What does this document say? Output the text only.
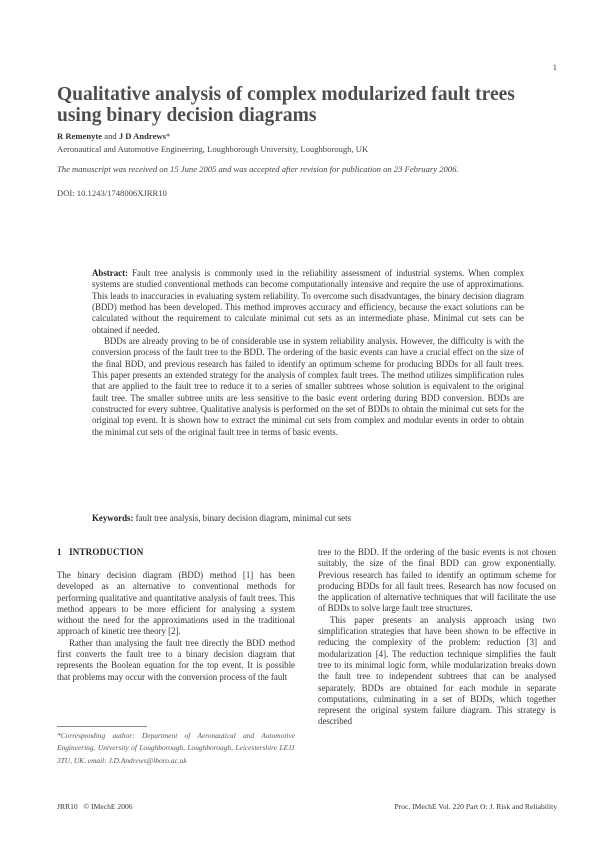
1
Qualitative analysis of complex modularized fault trees using binary decision diagrams
R Remenyte and J D Andrews*
Aeronautical and Automotive Engineering, Loughborough University, Loughborough, UK
The manuscript was received on 15 June 2005 and was accepted after revision for publication on 23 February 2006.
DOI: 10.1243/1748006XJRR10

Abstract: Fault tree analysis is commonly used in the reliability assessment of industrial systems. When complex systems are studied conventional methods can become computationally intensive and require the use of approximations. This leads to inaccuracies in evaluating system reliability. To overcome such disadvantages, the binary decision diagram (BDD) method has been developed. This method improves accuracy and efficiency, because the exact solutions can be calculated without the requirement to calculate minimal cut sets as an intermediate phase. Minimal cut sets can be obtained if needed.

BDDs are already proving to be of considerable use in system reliability analysis. However, the difficulty is with the conversion process of the fault tree to the BDD. The ordering of the basic events can have a crucial effect on the size of the final BDD, and previous research has failed to identify an optimum scheme for producing BDDs for all fault trees. This paper presents an extended strategy for the analysis of complex fault trees. The method utilizes simplification rules that are applied to the fault tree to reduce it to a series of smaller subtrees whose solution is equivalent to the original fault tree. The smaller subtree units are less sensitive to the basic event ordering during BDD conversion. BDDs are constructed for every subtree. Qualitative analysis is performed on the set of BDDs to obtain the minimal cut sets for the original top event. It is shown how to extract the minimal cut sets from complex and modular events in order to obtain the minimal cut sets of the original fault tree in terms of basic events.

Keywords: fault tree analysis, binary decision diagram, minimal cut sets
1 INTRODUCTION

The binary decision diagram (BDD) method [1] has been developed as an alternative to conventional methods for performing qualitative and quantitative analysis of fault trees. This method appears to be more efficient for analysing a system without the need for the approximations used in the traditional approach of kinetic tree theory [2].

Rather than analysing the fault tree directly the BDD method first converts the fault tree to a binary decision diagram that represents the Boolean equation for the top event. It is possible that problems may occur with the conversion process of the fault

*Corresponding author: Department of Aeronautical and Automotive Engineering, University of Loughborough, Loughborough, Leicestershire LE11 3TU, UK. email: J.D.Andrews@lboro.ac.uk

tree to the BDD. If the ordering of the basic events is not chosen suitably, the size of the final BDD can grow exponentially. Previous research has failed to identify an optimum scheme for producing BDDs for all fault trees. Research has now focused on the application of alternative techniques that will facilitate the use of BDDs to solve large fault tree structures.

This paper presents an analysis approach using two simplification strategies that have been shown to be effective in reducing the complexity of the problem: reduction [3] and modularization [4]. The reduction technique simplifies the fault tree to its minimal logic form, while modularization breaks down the fault tree to independent subtrees that can be analysed separately. BDDs are obtained for each module in separate computations, culminating in a set of BDDs, which together represent the original system failure diagram. This strategy is described

JRR10   © IMechE 2006	Proc. IMechE Vol. 220 Part O: J. Risk and Reliability
